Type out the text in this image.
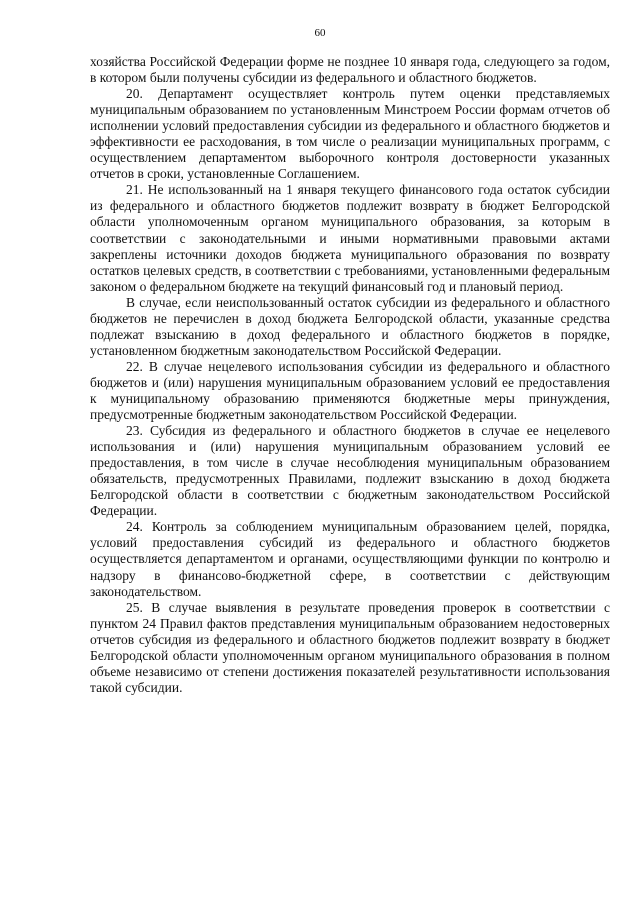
60

хозяйства Российской Федерации форме не позднее 10 января года, следующего за годом, в котором были получены субсидии из федерального и областного бюджетов.

20. Департамент осуществляет контроль путем оценки представляемых муниципальным образованием по установленным Минстроем России формам отчетов об исполнении условий предоставления субсидии из федерального и областного бюджетов и эффективности ее расходования, в том числе о реализации муниципальных программ, с осуществлением департаментом выборочного контроля достоверности указанных отчетов в сроки, установленные Соглашением.

21. Не использованный на 1 января текущего финансового года остаток субсидии из федерального и областного бюджетов подлежит возврату в бюджет Белгородской области уполномоченным органом муниципального образования, за которым в соответствии с законодательными и иными нормативными правовыми актами закреплены источники доходов бюджета муниципального образования по возврату остатков целевых средств, в соответствии с требованиями, установленными федеральным законом о федеральном бюджете на текущий финансовый год и плановый период.

В случае, если неиспользованный остаток субсидии из федерального и областного бюджетов не перечислен в доход бюджета Белгородской области, указанные средства подлежат взысканию в доход федерального и областного бюджетов в порядке, установленном бюджетным законодательством Российской Федерации.

22. В случае нецелевого использования субсидии из федерального и областного бюджетов и (или) нарушения муниципальным образованием условий ее предоставления к муниципальному образованию применяются бюджетные меры принуждения, предусмотренные бюджетным законодательством Российской Федерации.

23. Субсидия из федерального и областного бюджетов в случае ее нецелевого использования и (или) нарушения муниципальным образованием условий ее предоставления, в том числе в случае несоблюдения муниципальным образованием обязательств, предусмотренных Правилами, подлежит взысканию в доход бюджета Белгородской области в соответствии с бюджетным законодательством Российской Федерации.

24. Контроль за соблюдением муниципальным образованием целей, порядка, условий предоставления субсидий из федерального и областного бюджетов осуществляется департаментом и органами, осуществляющими функции по контролю и надзору в финансово-бюджетной сфере, в соответствии с действующим законодательством.

25. В случае выявления в результате проведения проверок в соответствии с пунктом 24 Правил фактов представления муниципальным образованием недостоверных отчетов субсидия из федерального и областного бюджетов подлежит возврату в бюджет Белгородской области уполномоченным органом муниципального образования в полном объеме независимо от степени достижения показателей результативности использования такой субсидии.
